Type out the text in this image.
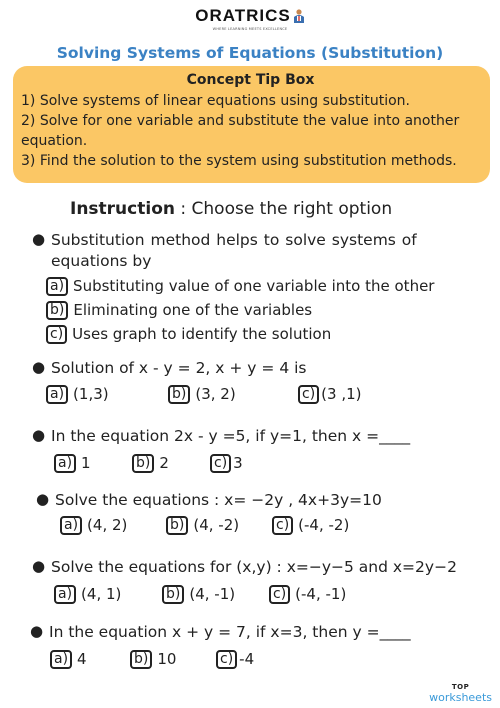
ORATRICS
WHERE LEARNING MEETS EXCELLENCE
Solving Systems of Equations (Substitution)
Concept Tip Box
1) Solve systems of linear equations using substitution.
2) Solve for one variable and substitute the value into another
equation.
3) Find the solution to the system using substitution methods.
Instruction : Choose the right option
● Substitution method helps to solve systems of
equations by
a) Substituting value of one variable into the other
b) Eliminating one of the variables
c) Uses graph to identify the solution
● Solution of x - y = 2, x + y = 4 is
a) (1,3)	b) (3, 2)	c) (3 ,1)
● In the equation 2x - y =5, if y=1, then x =____
a) 1	b) 2	c) 3
● Solve the equations : x= −2y , 4x+3y=10
a) (4, 2)	b) (4, -2)	c) (-4, -2)
● Solve the equations for (x,y) : x=−y−5 and x=2y−2
a) (4, 1)	b) (4, -1)	c) (-4, -1)
● In the equation x + y = 7, if x=3, then y =____
a) 4	b) 10	c) -4
TOP
worksheets
